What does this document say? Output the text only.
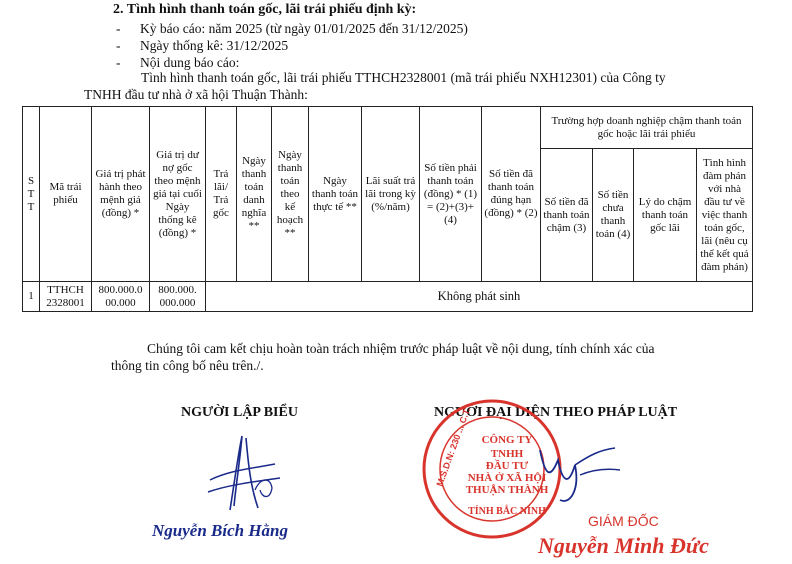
2. Tình hình thanh toán gốc, lãi trái phiếu định kỳ:
-	Kỳ báo cáo: năm 2025 (từ ngày 01/01/2025 đến 31/12/2025)
-	Ngày thống kê: 31/12/2025
-	Nội dung báo cáo:
Tình hình thanh toán gốc, lãi trái phiếu TTHCH2328001 (mã trái phiếu NXH12301) của Công ty
TNHH đầu tư nhà ở xã hội Thuận Thành:
STT	Mã trái phiếu	Giá trị phát hành theo mệnh giá (đồng) *	Giá trị dư nợ gốc theo mệnh giá tại cuối Ngày thống kê (đồng) *	Trả lãi/ Trả gốc	Ngày thanh toán danh nghĩa **	Ngày thanh toán theo kế hoạch **	Ngày thanh toán thực tế **	Lãi suất trả lãi trong kỳ (%/năm)	Số tiền phải thanh toán (đồng) * (1) = (2)+(3)+(4)	Số tiền đã thanh toán đúng hạn (đồng) * (2)	Trường hợp doanh nghiệp chậm thanh toán gốc hoặc lãi trái phiếu			
											Số tiền đã thanh toán chậm (3)	Số tiền chưa thanh toán (4)	Lý do chậm thanh toán gốc lãi	Tình hình đàm phán với nhà đầu tư về việc thanh toán gốc, lãi (nêu cụ thể kết quả đàm phán)
1	TTHCH 2328001	800.000.0 00.000	800.000. 000.000	Không phát sinh										
Chúng tôi cam kết chịu hoàn toàn trách nhiệm trước pháp luật về nội dung, tính chính xác của
thông tin công bố nêu trên./.
NGƯỜI LẬP BIỂU	NGƯỜI ĐẠI DIỆN THEO PHÁP LUẬT
Nguyễn Bích Hằng
M.S.D.N: 230 ... C.T. CÔNG TY
TNHH
ĐẦU TƯ
NHÀ Ở XÃ HỘI
THUẬN THÀNH
TỈNH BẮC NINH
GIÁM ĐỐC
Nguyễn Minh Đức
